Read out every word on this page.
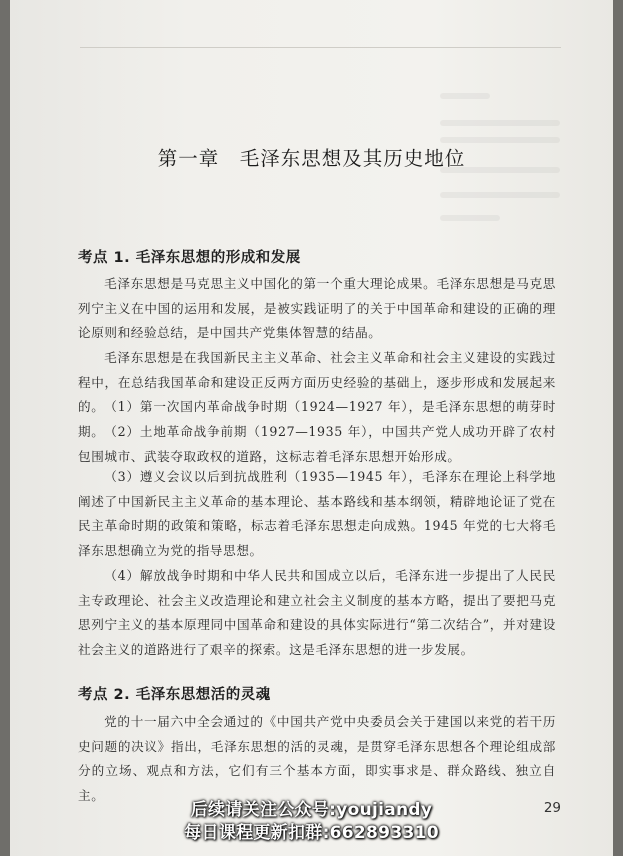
第一章　毛泽东思想及其历史地位
考点 1. 毛泽东思想的形成和发展
毛泽东思想是马克思主义中国化的第一个重大理论成果。毛泽东思想是马克思列宁主义在中国的运用和发展，是被实践证明了的关于中国革命和建设的正确的理论原则和经验总结，是中国共产党集体智慧的结晶。
毛泽东思想是在我国新民主主义革命、社会主义革命和社会主义建设的实践过程中，在总结我国革命和建设正反两方面历史经验的基础上，逐步形成和发展起来的。 （1）第一次国内革命战争时期（1924—1927 年），是毛泽东思想的萌芽时期。 （2）土地革命战争前期（1927—1935 年），中国共产党人成功开辟了农村包围城市、武装夺取政权的道路，这标志着毛泽东思想开始形成。
（3）遵义会议以后到抗战胜利（1935—1945 年），毛泽东在理论上科学地阐述了中国新民主主义革命的基本理论、基本路线和基本纲领，精辟地论证了党在民主革命时期的政策和策略，标志着毛泽东思想走向成熟。1945 年党的七大将毛泽东思想确立为党的指导思想。
（4）解放战争时期和中华人民共和国成立以后，毛泽东进一步提出了人民民主专政理论、社会主义改造理论和建立社会主义制度的基本方略，提出了要把马克思列宁主义的基本原理同中国革命和建设的具体实际进行“第二次结合”，并对建设社会主义的道路进行了艰辛的探索。这是毛泽东思想的进一步发展。
考点 2. 毛泽东思想活的灵魂
党的十一届六中全会通过的《中国共产党中央委员会关于建国以来党的若干历史问题的决议》指出，毛泽东思想的活的灵魂，是贯穿毛泽东思想各个理论组成部分的立场、观点和方法，它们有三个基本方面，即实事求是、群众路线、独立自主。
29
后续请关注公众号:youjiandy
每日课程更新扣群:662893310
